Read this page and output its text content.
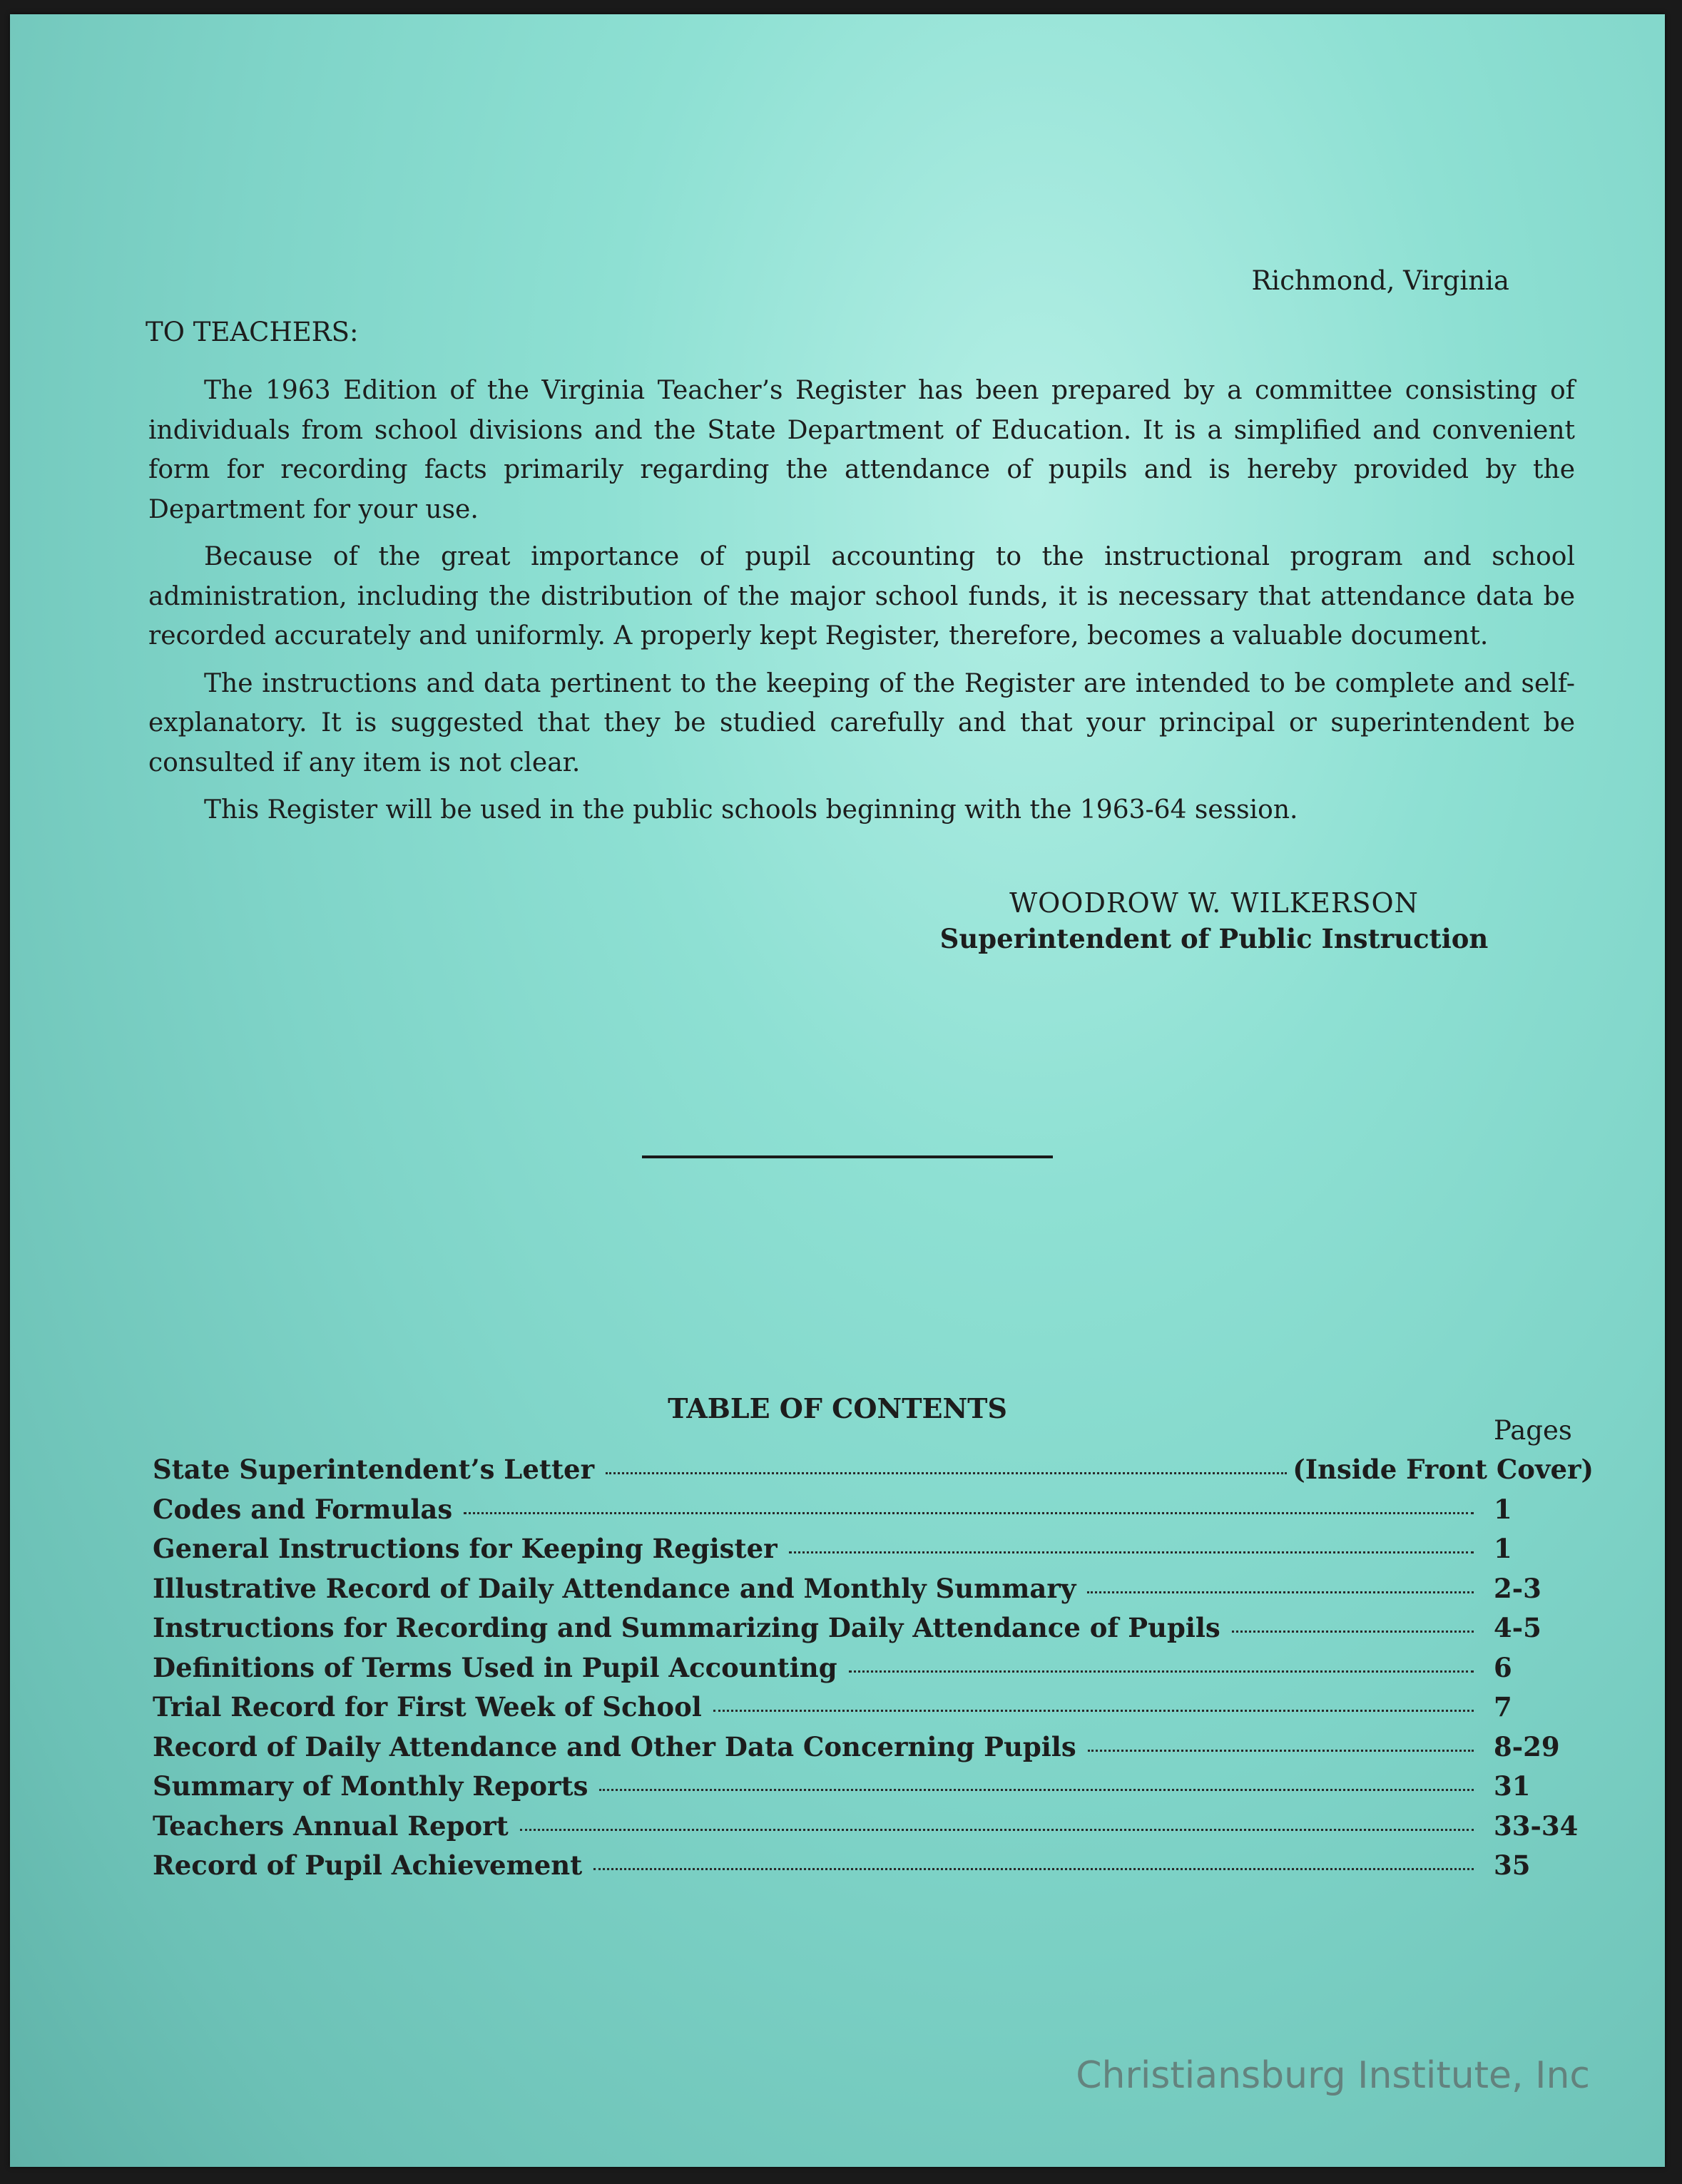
Richmond, Virginia
TO TEACHERS:

The 1963 Edition of the Virginia Teacher’s Register has been prepared by a committee consisting of individuals from school divisions and the State Department of Education. It is a simplified and convenient form for recording facts primarily regarding the attendance of pupils and is hereby provided by the Department for your use.

Because of the great importance of pupil accounting to the instructional program and school administration, including the distribution of the major school funds, it is necessary that attendance data be recorded accurately and uniformly. A properly kept Register, therefore, becomes a valuable document.

The instructions and data pertinent to the keeping of the Register are intended to be complete and self-explanatory. It is suggested that they be studied carefully and that your principal or superintendent be consulted if any item is not clear.

This Register will be used in the public schools beginning with the 1963-64 session.

WOODROW W. WILKERSON
Superintendent of Public Instruction
TABLE OF CONTENTS
Pages
State Superintendent’s Letter	(Inside Front Cover)
Codes and Formulas	1
General Instructions for Keeping Register	1
Illustrative Record of Daily Attendance and Monthly Summary	2-3
Instructions for Recording and Summarizing Daily Attendance of Pupils	4-5
Definitions of Terms Used in Pupil Accounting	6
Trial Record for First Week of School	7
Record of Daily Attendance and Other Data Concerning Pupils	8-29
Summary of Monthly Reports	31
Teachers Annual Report	33-34
Record of Pupil Achievement	35
Christiansburg Institute, Inc
